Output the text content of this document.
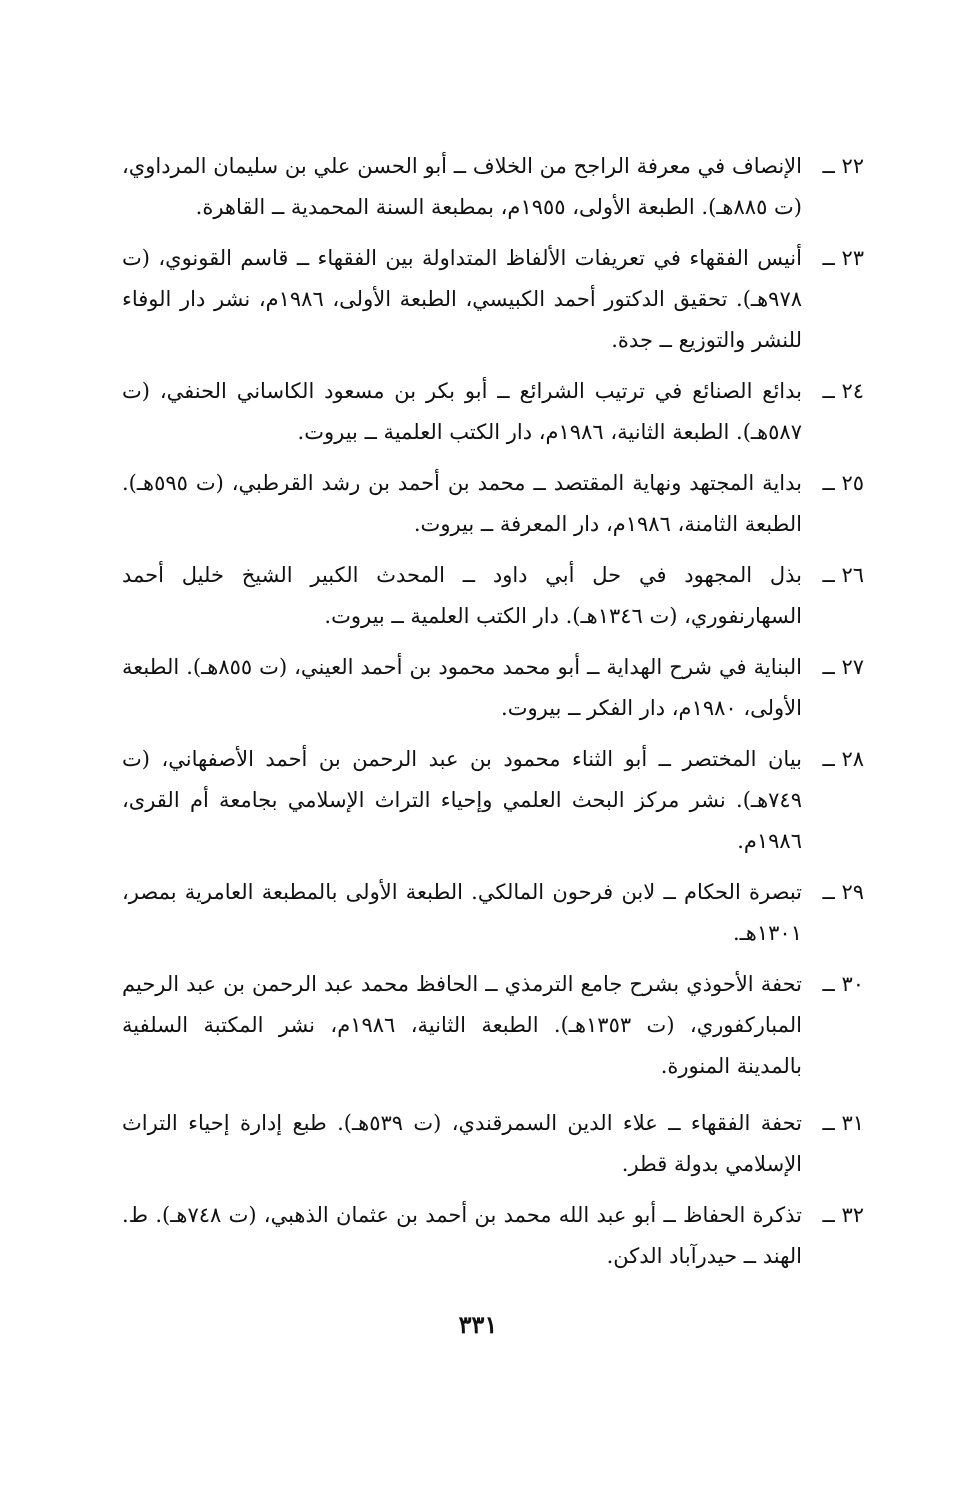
٢٢ ــ
الإنصاف في معرفة الراجح من الخلاف ــ أبو الحسن علي بن سليمان المرداوي، (ت ٨٨٥هـ). الطبعة الأولى، ١٩٥٥م، بمطبعة السنة المحمدية ــ القاهرة.
٢٣ ــ
أنيس الفقهاء في تعريفات الألفاظ المتداولة بين الفقهاء ــ قاسم القونوي، (ت ٩٧٨هـ). تحقيق الدكتور أحمد الكبيسي، الطبعة الأولى، ١٩٨٦م، نشر دار الوفاء للنشر والتوزيع ــ جدة.
٢٤ ــ
بدائع الصنائع في ترتيب الشرائع ــ أبو بكر بن مسعود الكاساني الحنفي، (ت ٥٨٧هـ). الطبعة الثانية، ١٩٨٦م، دار الكتب العلمية ــ بيروت.
٢٥ ــ
بداية المجتهد ونهاية المقتصد ــ محمد بن أحمد بن رشد القرطبي، (ت ٥٩٥هـ). الطبعة الثامنة، ١٩٨٦م، دار المعرفة ــ بيروت.
٢٦ ــ
بذل المجهود في حل أبي داود ــ المحدث الكبير الشيخ خليل أحمد السهارنفوري، (ت ١٣٤٦هـ). دار الكتب العلمية ــ بيروت.
٢٧ ــ
البناية في شرح الهداية ــ أبو محمد محمود بن أحمد العيني، (ت ٨٥٥هـ). الطبعة الأولى، ١٩٨٠م، دار الفكر ــ بيروت.
٢٨ ــ
بيان المختصر ــ أبو الثناء محمود بن عبد الرحمن بن أحمد الأصفهاني، (ت ٧٤٩هـ). نشر مركز البحث العلمي وإحياء التراث الإسلامي بجامعة أم القرى، ١٩٨٦م.
٢٩ ــ
تبصرة الحكام ــ لابن فرحون المالكي. الطبعة الأولى بالمطبعة العامرية بمصر، ١٣٠١هـ.
٣٠ ــ
تحفة الأحوذي بشرح جامع الترمذي ــ الحافظ محمد عبد الرحمن بن عبد الرحيم المباركفوري، (ت ١٣٥٣هـ). الطبعة الثانية، ١٩٨٦م، نشر المكتبة السلفية بالمدينة المنورة.
٣١ ــ
تحفة الفقهاء ــ علاء الدين السمرقندي، (ت ٥٣٩هـ). طبع إدارة إحياء التراث الإسلامي بدولة قطر.
٣٢ ــ
تذكرة الحفاظ ــ أبو عبد الله محمد بن أحمد بن عثمان الذهبي، (ت ٧٤٨هـ). ط. الهند ــ حيدرآباد الدكن.
٣٣١
